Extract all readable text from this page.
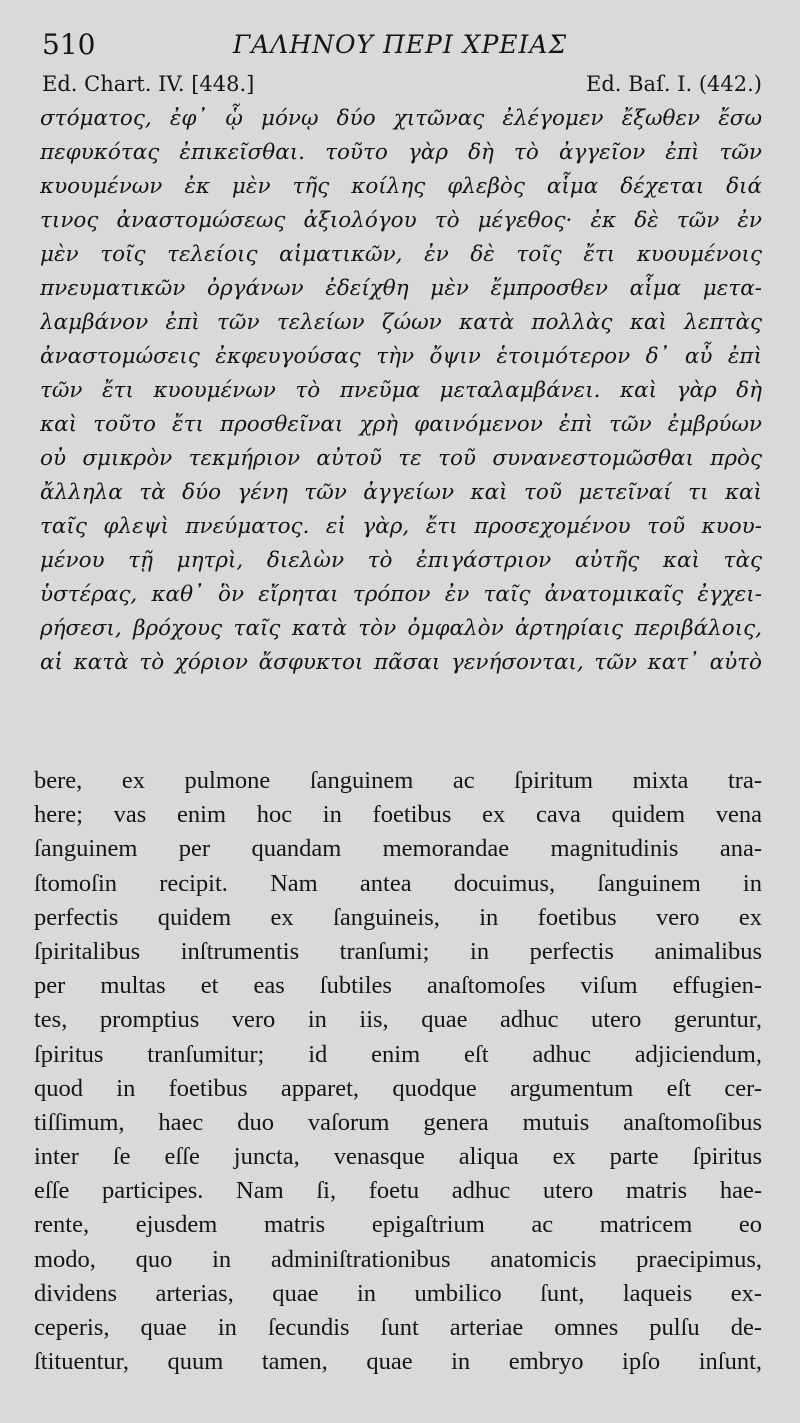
510	ΓΑΛΗΝΟΥ ΠΕΡΙ ΧΡΕΙΑΣ
Ed. Chart. IV. [448.]	Ed. Baſ. I. (442.)
στόματος, ἐφ᾽ ᾧ μόνῳ δύο χιτῶνας ἐλέγομεν ἔξωθεν ἔσω
πεφυκότας ἐπικεῖσθαι. τοῦτο γὰρ δὴ τὸ ἀγγεῖον ἐπὶ τῶν
κυουμένων ἐκ μὲν τῆς κοίλης φλεβὸς αἷμα δέχεται διά
τινος ἀναστομώσεως ἀξιολόγου τὸ μέγεθος· ἐκ δὲ τῶν ἐν
μὲν τοῖς τελείοις αἱματικῶν, ἐν δὲ τοῖς ἔτι κυουμένοις
πνευματικῶν ὀργάνων ἐδείχθη μὲν ἔμπροσθεν αἷμα μετα-
λαμβάνον ἐπὶ τῶν τελείων ζώων κατὰ πολλὰς καὶ λεπτὰς
ἀναστομώσεις ἐκφευγούσας τὴν ὄψιν ἑτοιμότερον δ᾽ αὖ ἐπὶ
τῶν ἔτι κυουμένων τὸ πνεῦμα μεταλαμβάνει. καὶ γὰρ δὴ
καὶ τοῦτο ἔτι προσθεῖναι χρὴ φαινόμενον ἐπὶ τῶν ἐμβρύων
οὐ σμικρὸν τεκμήριον αὐτοῦ τε τοῦ συνανεστομῶσθαι πρὸς
ἄλληλα τὰ δύο γένη τῶν ἀγγείων καὶ τοῦ μετεῖναί τι καὶ
ταῖς φλεψὶ πνεύματος. εἰ γὰρ, ἔτι προσεχομένου τοῦ κυου-
μένου τῇ μητρὶ, διελὼν τὸ ἐπιγάστριον αὐτῆς καὶ τὰς
ὑστέρας, καθ᾽ ὃν εἴρηται τρόπον ἐν ταῖς ἀνατομικαῖς ἐγχει-
ρήσεσι, βρόχους ταῖς κατὰ τὸν ὀμφαλὸν ἀρτηρίαις περιβάλοις,
αἱ κατὰ τὸ χόριον ἄσφυκτοι πᾶσαι γενήσονται, τῶν κατ᾽ αὐτὸ
bere, ex pulmone ſanguinem ac ſpiritum mixta tra-
here; vas enim hoc in foetibus ex cava quidem vena
ſanguinem per quandam memorandae magnitudinis ana-
ſtomoſin recipit. Nam antea docuimus, ſanguinem in
perfectis quidem ex ſanguineis, in foetibus vero ex
ſpiritalibus inſtrumentis tranſumi; in perfectis animalibus
per multas et eas ſubtiles anaſtomoſes viſum effugien-
tes, promptius vero in iis, quae adhuc utero geruntur,
ſpiritus tranſumitur; id enim eſt adhuc adjiciendum,
quod in foetibus apparet, quodque argumentum eſt cer-
tiſſimum, haec duo vaſorum genera mutuis anaſtomoſibus
inter ſe eſſe juncta, venasque aliqua ex parte ſpiritus
eſſe participes. Nam ſi, foetu adhuc utero matris hae-
rente, ejusdem matris epigaſtrium ac matricem eo
modo, quo in adminiſtrationibus anatomicis praecipimus,
dividens arterias, quae in umbilico ſunt, laqueis ex-
ceperis, quae in ſecundis ſunt arteriae omnes pulſu de-
ſtituentur, quum tamen, quae in embryo ipſo inſunt,
